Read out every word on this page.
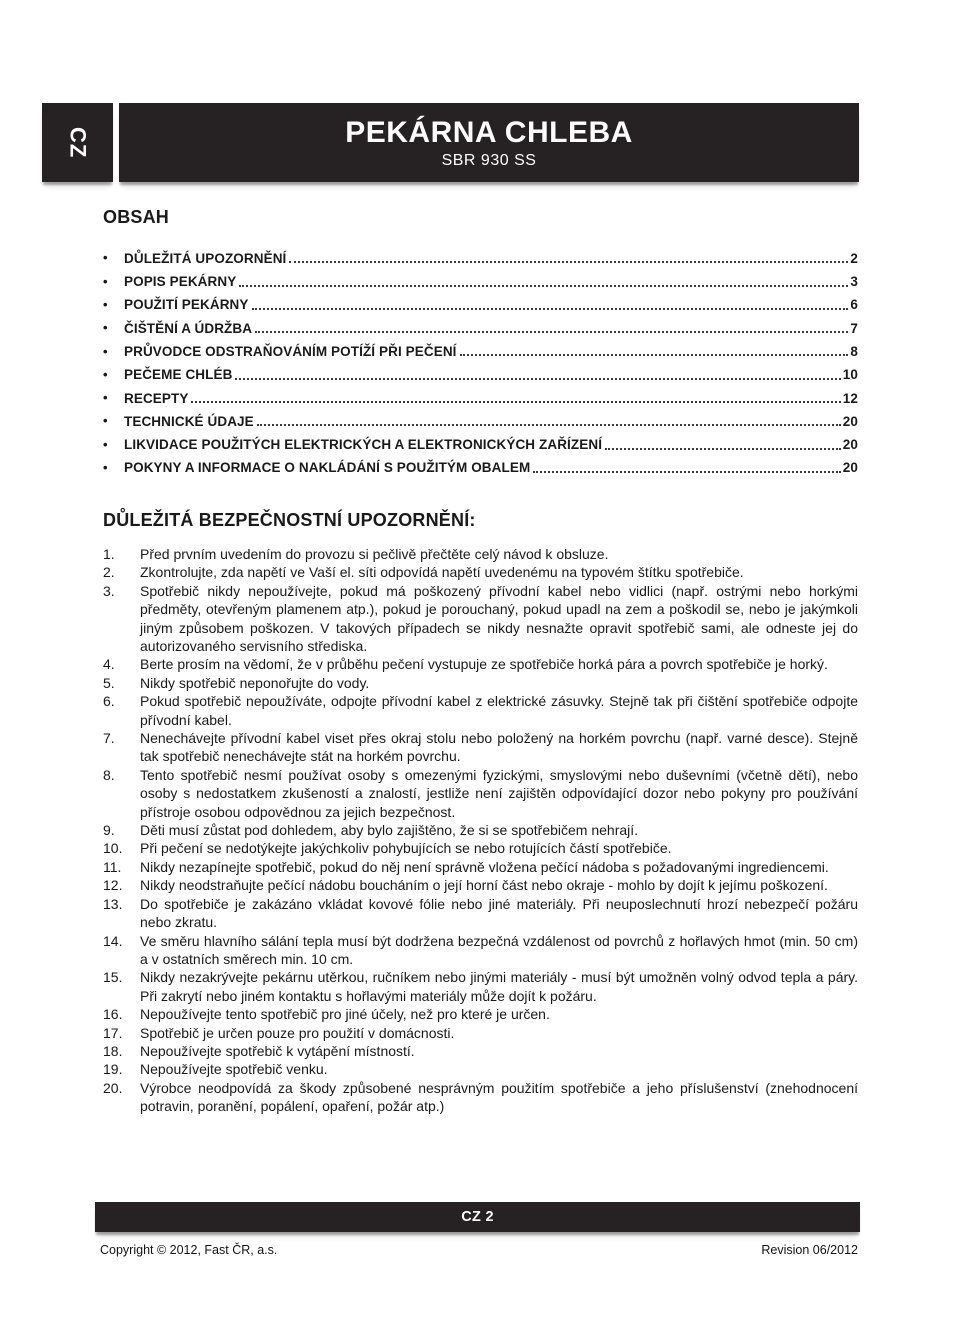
CZ	PEKÁRNA CHLEBA
SBR 930 SS
OBSAH
•	DŮLEŽITÁ UPOZORNĚNÍ	2
•	POPIS PEKÁRNY	3
•	POUŽITÍ PEKÁRNY	6
•	ČIŠTĚNÍ A ÚDRŽBA	7
•	PRŮVODCE ODSTRAŇOVÁNÍM POTÍŽÍ PŘI PEČENÍ	8
•	PEČEME CHLÉB	10
•	RECEPTY	12
•	TECHNICKÉ ÚDAJE	20
•	LIKVIDACE POUŽITÝCH ELEKTRICKÝCH A ELEKTRONICKÝCH ZAŘÍZENÍ	20
•	POKYNY A INFORMACE O NAKLÁDÁNÍ S POUŽITÝM OBALEM	20
DŮLEŽITÁ BEZPEČNOSTNÍ UPOZORNĚNÍ:
1. Před prvním uvedením do provozu si pečlivě přečtěte celý návod k obsluze.
2. Zkontrolujte, zda napětí ve Vaší el. síti odpovídá napětí uvedenému na typovém štítku spotřebiče.
3. Spotřebič nikdy nepoužívejte, pokud má poškozený přívodní kabel nebo vidlici (např. ostrými nebo horkými předměty, otevřeným plamenem atp.), pokud je porouchaný, pokud upadl na zem a poškodil se, nebo je jakýmkoli jiným způsobem poškozen. V takových případech se nikdy nesnažte opravit spotřebič sami, ale odneste jej do autorizovaného servisního střediska.
4. Berte prosím na vědomí, že v průběhu pečení vystupuje ze spotřebiče horká pára a povrch spotřebiče je horký.
5. Nikdy spotřebič neponořujte do vody.
6. Pokud spotřebič nepoužíváte, odpojte přívodní kabel z elektrické zásuvky. Stejně tak při čištění spotřebiče odpojte přívodní kabel.
7. Nenechávejte přívodní kabel viset přes okraj stolu nebo položený na horkém povrchu (např. varné desce). Stejně tak spotřebič nenechávejte stát na horkém povrchu.
8. Tento spotřebič nesmí používat osoby s omezenými fyzickými, smyslovými nebo duševními (včetně dětí), nebo osoby s nedostatkem zkušeností a znalostí, jestliže není zajištěn odpovídající dozor nebo pokyny pro používání přístroje osobou odpovědnou za jejich bezpečnost.
9. Děti musí zůstat pod dohledem, aby bylo zajištěno, že si se spotřebičem nehrají.
10. Při pečení se nedotýkejte jakýchkoliv pohybujících se nebo rotujících částí spotřebiče.
11. Nikdy nezapínejte spotřebič, pokud do něj není správně vložena pečící nádoba s požadovanými ingrediencemi.
12. Nikdy neodstraňujte pečící nádobu boucháním o její horní část nebo okraje - mohlo by dojít k jejímu poškození.
13. Do spotřebiče je zakázáno vkládat kovové fólie nebo jiné materiály. Při neuposlechnutí hrozí nebezpečí požáru nebo zkratu.
14. Ve směru hlavního sálání tepla musí být dodržena bezpečná vzdálenost od povrchů z hořlavých hmot (min. 50 cm) a v ostatních směrech min. 10 cm.
15. Nikdy nezakrývejte pekárnu utěrkou, ručníkem nebo jinými materiály - musí být umožněn volný odvod tepla a páry. Při zakrytí nebo jiném kontaktu s hořlavými materiály může dojít k požáru.
16. Nepoužívejte tento spotřebič pro jiné účely, než pro které je určen.
17. Spotřebič je určen pouze pro použití v domácnosti.
18. Nepoužívejte spotřebič k vytápění místností.
19. Nepoužívejte spotřebič venku.
20. Výrobce neodpovídá za škody způsobené nesprávným použitím spotřebiče a jeho příslušenství (znehodnocení potravin, poranění, popálení, opaření, požár atp.)
CZ 2
Copyright © 2012, Fast ČR, a.s.	Revision 06/2012
